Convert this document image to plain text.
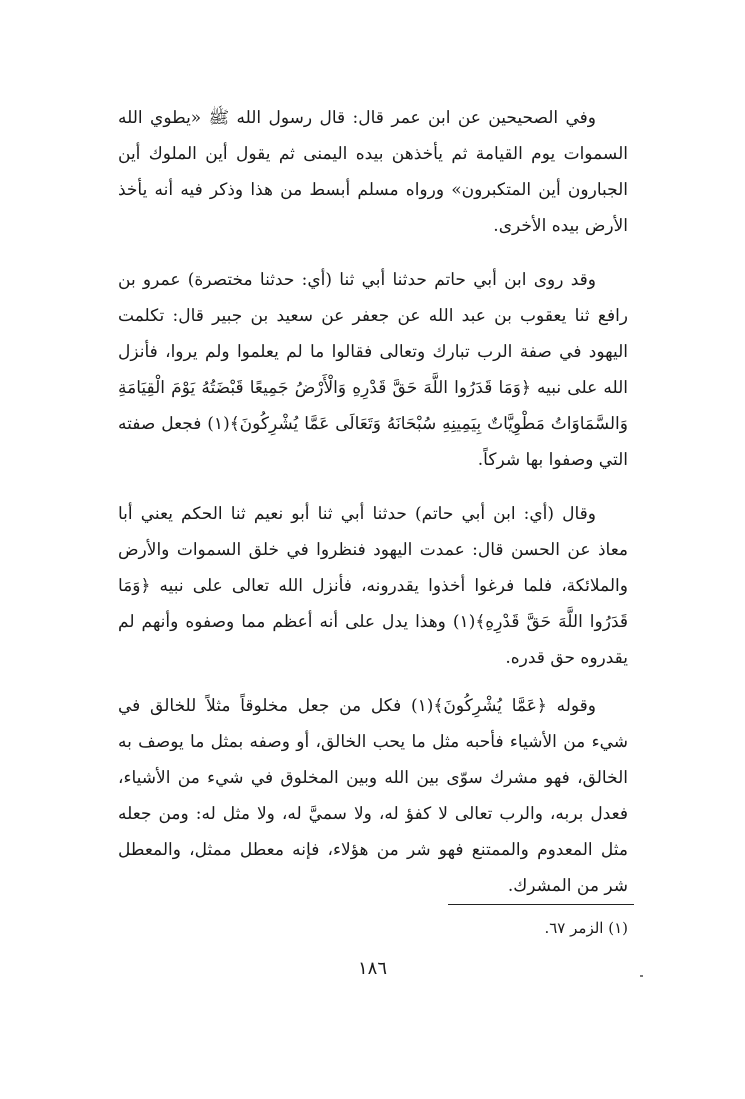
وفي الصحيحين عن ابن عمر قال: قال رسول الله ﷺ «يطوي الله السموات يوم القيامة ثم يأخذهن بيده اليمنى ثم يقول أين الملوك أين الجبارون أين المتكبرون» ورواه مسلم أبسط من هذا وذكر فيه أنه يأخذ الأرض بيده الأخرى.

وقد روى ابن أبي حاتم حدثنا أبي ثنا (أي: حدثنا مختصرة) عمرو بن رافع ثنا يعقوب بن عبد الله عن جعفر عن سعيد بن جبير قال: تكلمت اليهود في صفة الرب تبارك وتعالى فقالوا ما لم يعلموا ولم يروا، فأنزل الله على نبيه ﴿وَمَا قَدَرُوا اللَّهَ حَقَّ قَدْرِهِ وَالْأَرْضُ جَمِيعًا قَبْضَتُهُ يَوْمَ الْقِيَامَةِ وَالسَّمَاوَاتُ مَطْوِيَّاتٌ بِيَمِينِهِ سُبْحَانَهُ وَتَعَالَى عَمَّا يُشْرِكُونَ﴾(١) فجعل صفته التي وصفوا بها شركاً.

وقال (أي: ابن أبي حاتم) حدثنا أبي ثنا أبو نعيم ثنا الحكم يعني أبا معاذ عن الحسن قال: عمدت اليهود فنظروا في خلق السموات والأرض والملائكة، فلما فرغوا أخذوا يقدرونه، فأنزل الله تعالى على نبيه ﴿وَمَا قَدَرُوا اللَّهَ حَقَّ قَدْرِهِ﴾(١) وهذا يدل على أنه أعظم مما وصفوه وأنهم لم يقدروه حق قدره.

وقوله ﴿عَمَّا يُشْرِكُونَ﴾(١) فكل من جعل مخلوقاً مثلاً للخالق في شيء من الأشياء فأحبه مثل ما يحب الخالق، أو وصفه بمثل ما يوصف به الخالق، فهو مشرك سوّى بين الله وبين المخلوق في شيء من الأشياء، فعدل بربه، والرب تعالى لا كفؤ له، ولا سميَّ له، ولا مثل له: ومن جعله مثل المعدوم والممتنع فهو شر من هؤلاء، فإنه معطل ممثل، والمعطل شر من المشرك.

(١) الزمر ٦٧.
١٨٦
